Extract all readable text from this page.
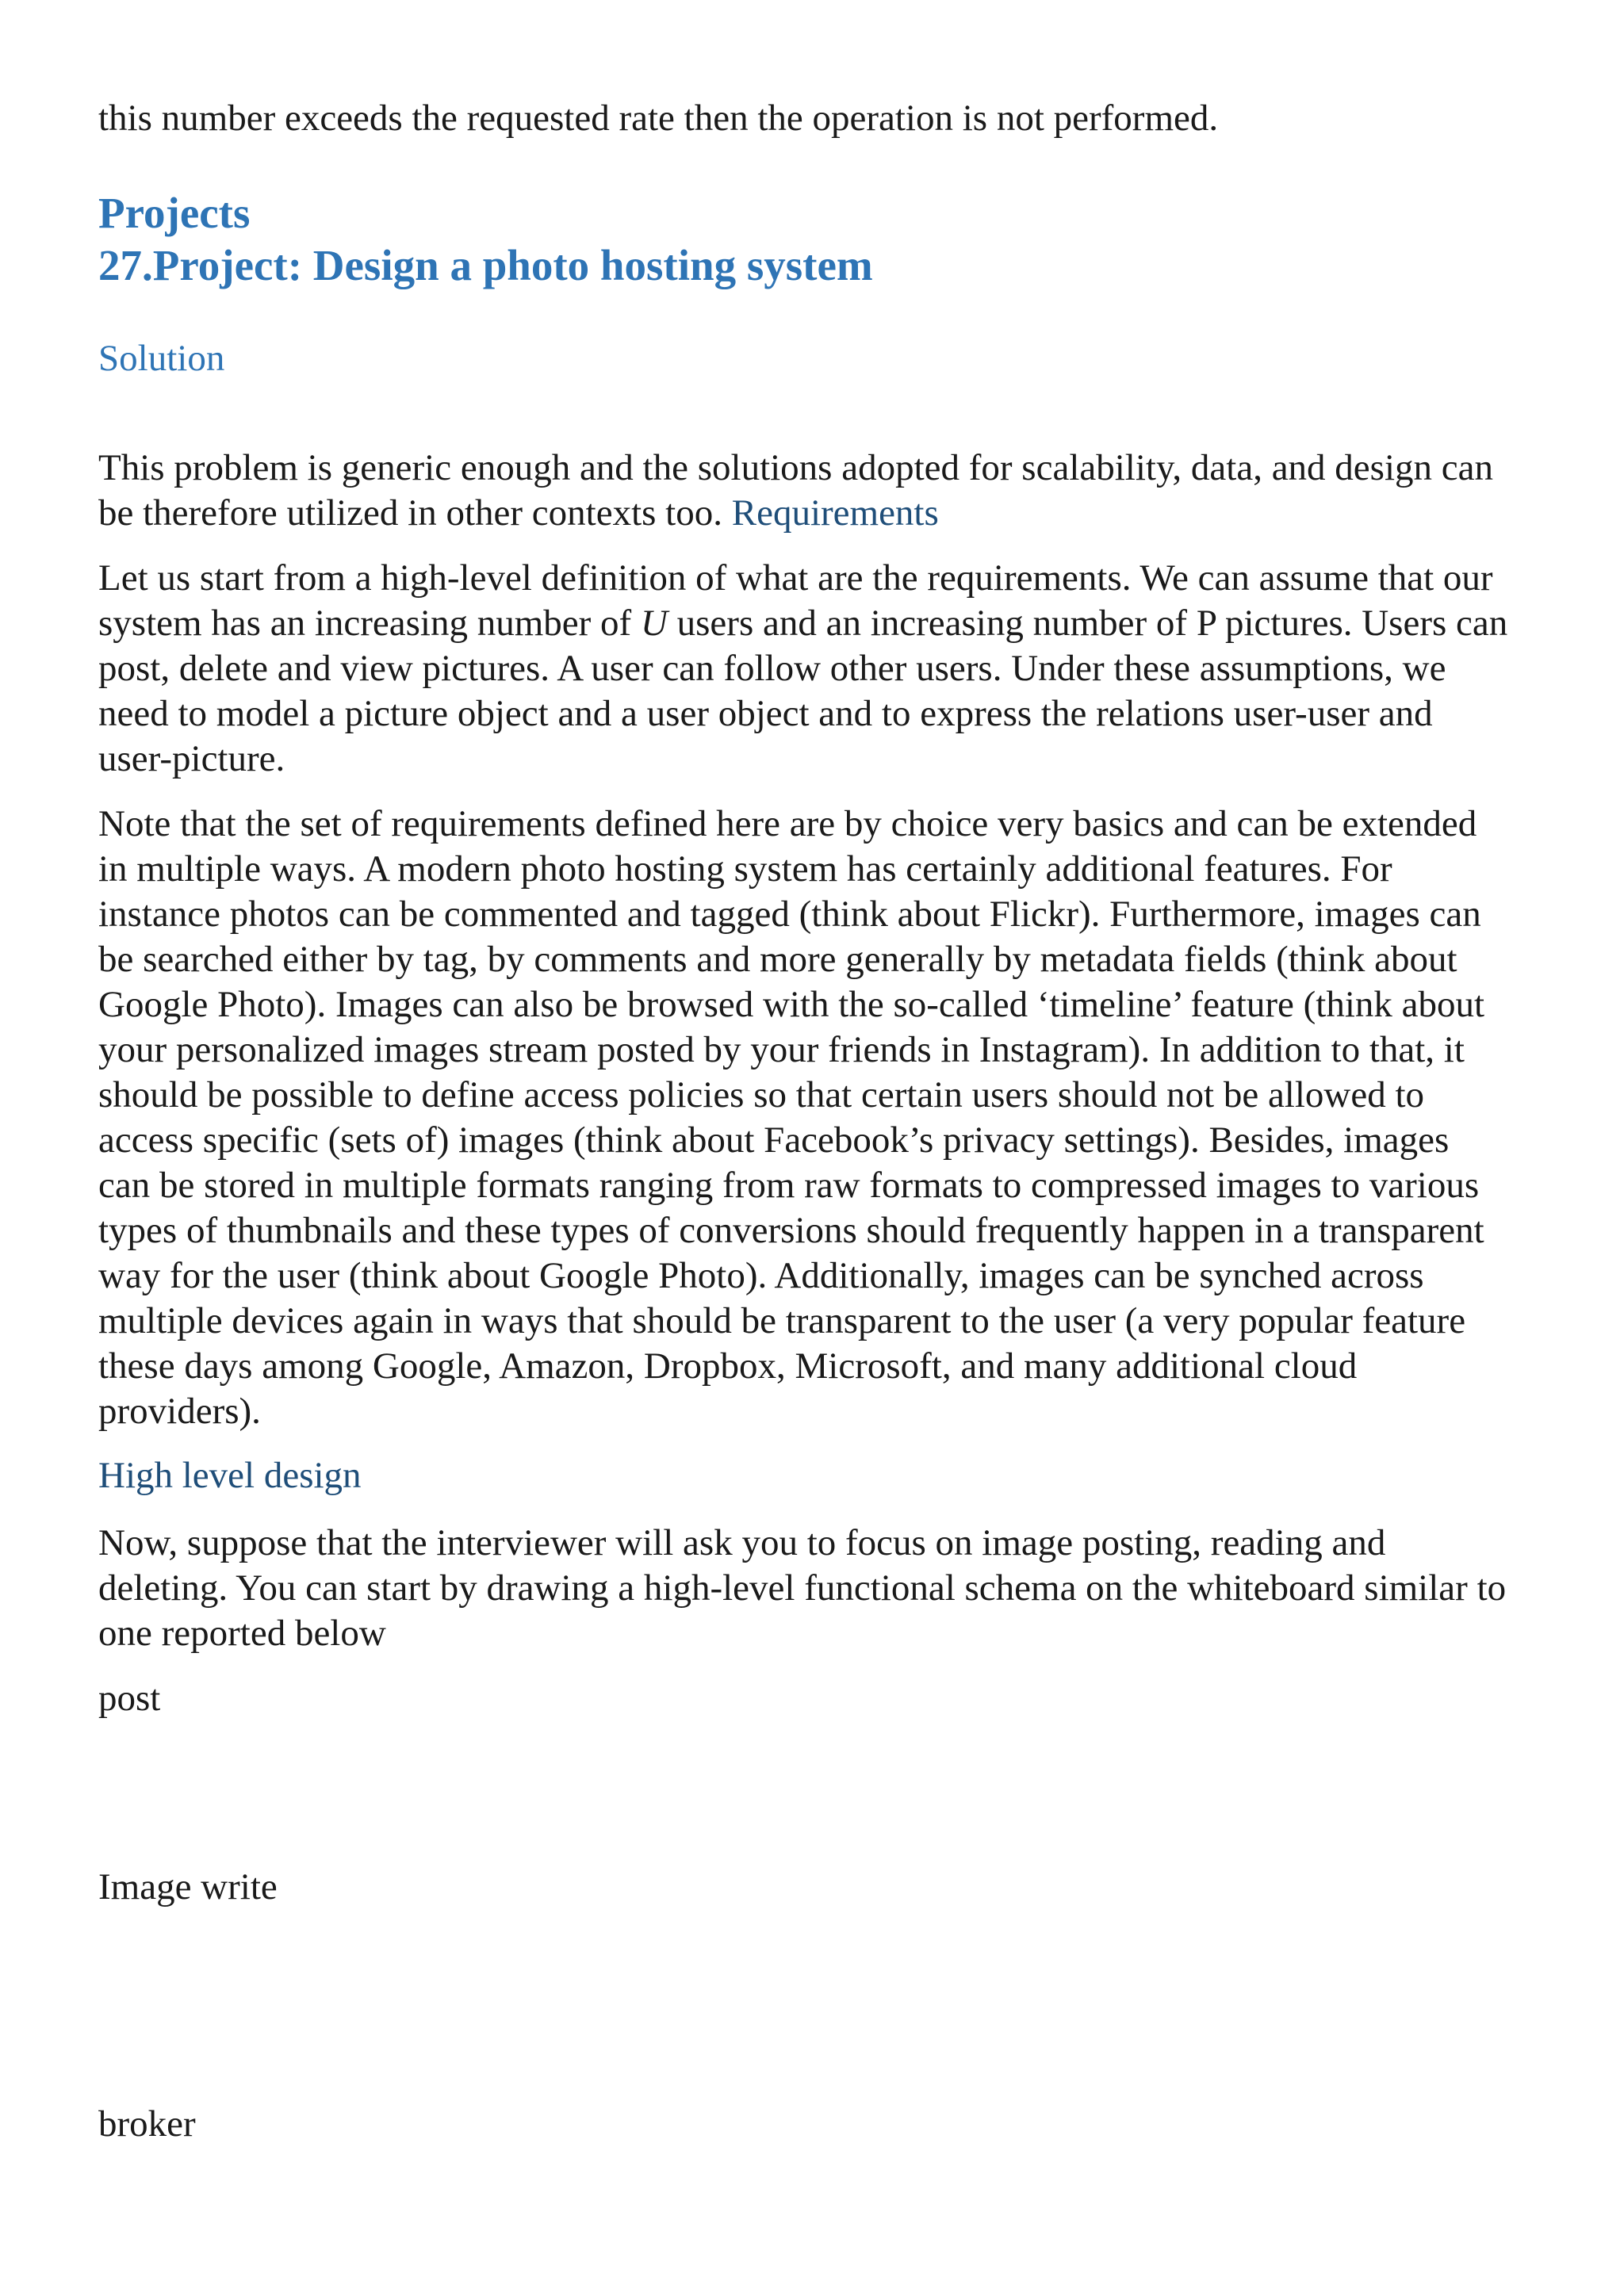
this number exceeds the requested rate then the operation is not performed.

Projects

27.Project: Design a photo hosting system

Solution

This problem is generic enough and the solutions adopted for scalability, data, and design can be therefore utilized in other contexts too. Requirements

Let us start from a high-level definition of what are the requirements. We can assume that our system has an increasing number of U users and an increasing number of P pictures. Users can post, delete and view pictures. A user can follow other users. Under these assumptions, we need to model a picture object and a user object and to express the relations user-user and user-picture.

Note that the set of requirements defined here are by choice very basics and can be extended in multiple ways. A modern photo hosting system has certainly additional features. For instance photos can be commented and tagged (think about Flickr). Furthermore, images can be searched either by tag, by comments and more generally by metadata fields (think about Google Photo). Images can also be browsed with the so-called ‘timeline’ feature (think about your personalized images stream posted by your friends in Instagram). In addition to that, it should be possible to define access policies so that certain users should not be allowed to access specific (sets of) images (think about Facebook’s privacy settings). Besides, images can be stored in multiple formats ranging from raw formats to compressed images to various types of thumbnails and these types of conversions should frequently happen in a transparent way for the user (think about Google Photo). Additionally, images can be synched across multiple devices again in ways that should be transparent to the user (a very popular feature these days among Google, Amazon, Dropbox, Microsoft, and many additional cloud providers).

High level design

Now, suppose that the interviewer will ask you to focus on image posting, reading and deleting. You can start by drawing a high-level functional schema on the whiteboard similar to one reported below

post

Image write

broker
